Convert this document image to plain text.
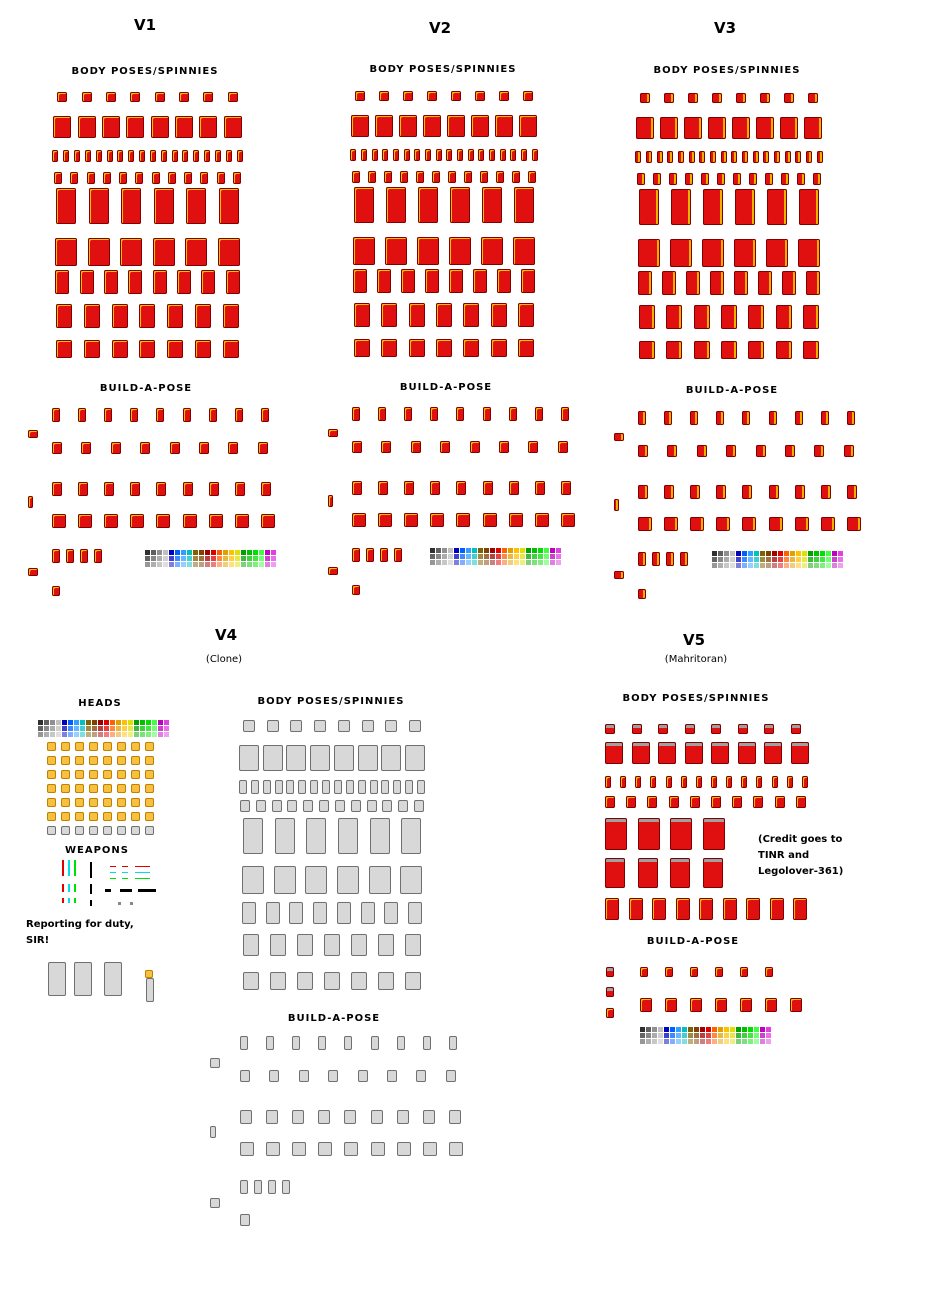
V1	V2	V3
BODY POSES/SPINNIES	BODY POSES/SPINNIES	BODY POSES/SPINNIES
BUILD-A-POSE	BUILD-A-POSE	BUILD-A-POSE
V4
(Clone)
HEADS	BODY POSES/SPINNIES
WEAPONS
Reporting for duty,
SIR!
BUILD-A-POSE
V5
(Mahritoran)
BODY POSES/SPINNIES
(Credit goes to
TINR and
Legolover-361)
BUILD-A-POSE
